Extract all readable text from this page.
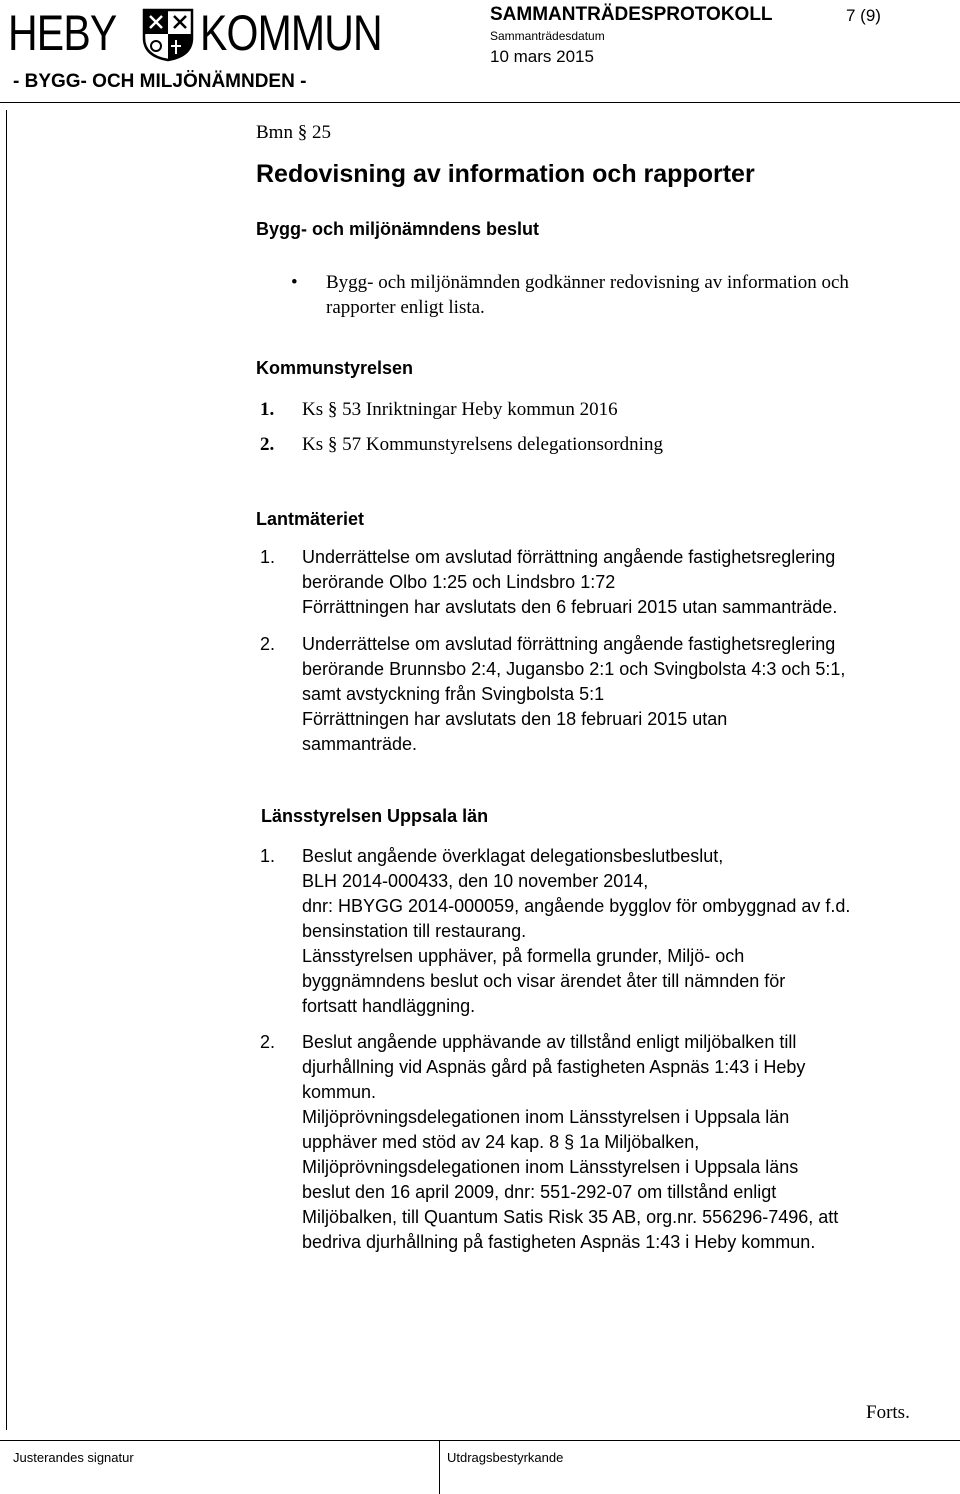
HEBY KOMMUN
- BYGG- OCH MILJÖNÄMNDEN -
SAMMANTRÄDESPROTOKOLL
Sammanträdesdatum
10 mars 2015
7 (9)
Bmn § 25
Redovisning av information och rapporter
Bygg- och miljönämndens beslut
• Bygg- och miljönämnden godkänner redovisning av information och
rapporter enligt lista.
Kommunstyrelsen
1. Ks § 53 Inriktningar Heby kommun 2016
2. Ks § 57 Kommunstyrelsens delegationsordning
Lantmäteriet
1. Underrättelse om avslutad förrättning angående fastighetsreglering
berörande Olbo 1:25 och Lindsbro 1:72
Förrättningen har avslutats den 6 februari 2015 utan sammanträde.
2. Underrättelse om avslutad förrättning angående fastighetsreglering
berörande Brunnsbo 2:4, Jugansbo 2:1 och Svingbolsta 4:3 och 5:1,
samt avstyckning från Svingbolsta 5:1
Förrättningen har avslutats den 18 februari 2015 utan
sammanträde.
Länsstyrelsen Uppsala län
1. Beslut angående överklagat delegationsbeslutbeslut,
BLH 2014-000433, den 10 november 2014,
dnr: HBYGG 2014-000059, angående bygglov för ombyggnad av f.d.
bensinstation till restaurang.
Länsstyrelsen upphäver, på formella grunder, Miljö- och
byggnämndens beslut och visar ärendet åter till nämnden för
fortsatt handläggning.
2. Beslut angående upphävande av tillstånd enligt miljöbalken till
djurhållning vid Aspnäs gård på fastigheten Aspnäs 1:43 i Heby
kommun.
Miljöprövningsdelegationen inom Länsstyrelsen i Uppsala län
upphäver med stöd av 24 kap. 8 § 1a Miljöbalken,
Miljöprövningsdelegationen inom Länsstyrelsen i Uppsala läns
beslut den 16 april 2009, dnr: 551-292-07 om tillstånd enligt
Miljöbalken, till Quantum Satis Risk 35 AB, org.nr. 556296-7496, att
bedriva djurhållning på fastigheten Aspnäs 1:43 i Heby kommun.
Forts.
Justerandes signatur	Utdragsbestyrkande
